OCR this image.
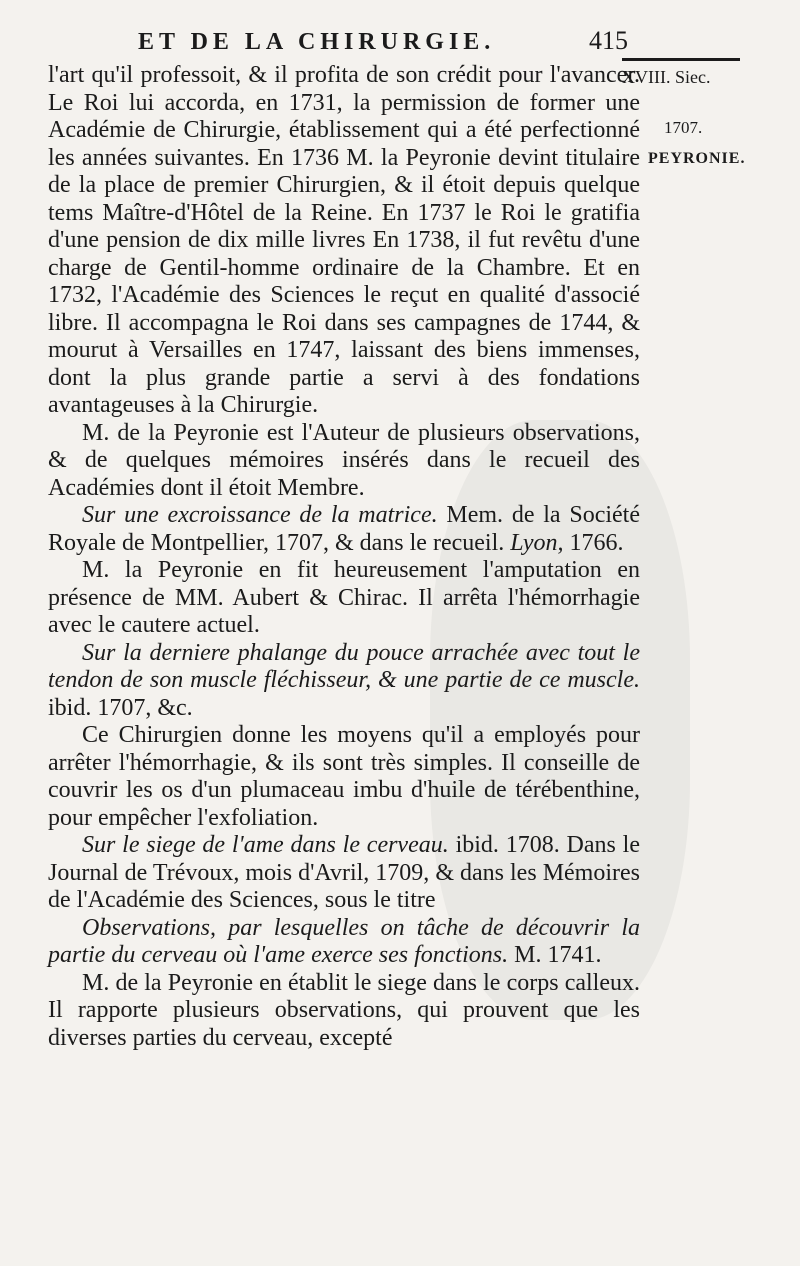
ET DE LA CHIRURGIE.	415
XVIII. Siec.
1707.
PEYRONIE.

l'art qu'il professoit, & il profita de son crédit pour l'avancer. Le Roi lui accorda, en 1731, la permission de former une Académie de Chirurgie, établissement qui a été perfectionné les années suivantes. En 1736 M. la Peyronie devint titulaire de la place de premier Chirurgien, & il étoit depuis quelque tems Maître-d'Hôtel de la Reine. En 1737 le Roi le gratifia d'une pension de dix mille livres En 1738, il fut revêtu d'une charge de Gentil-homme ordinaire de la Chambre. Et en 1732, l'Académie des Sciences le reçut en qualité d'associé libre. Il accompagna le Roi dans ses campagnes de 1744, & mourut à Versailles en 1747, laissant des biens immenses, dont la plus grande partie a servi à des fondations avantageuses à la Chirurgie.

M. de la Peyronie est l'Auteur de plusieurs observations, & de quelques mémoires insérés dans le recueil des Académies dont il étoit Membre.

Sur une excroissance de la matrice. Mem. de la Société Royale de Montpellier, 1707, & dans le recueil. Lyon, 1766.

M. la Peyronie en fit heureusement l'amputation en présence de MM. Aubert & Chirac. Il arrêta l'hémorrhagie avec le cautere actuel.

Sur la derniere phalange du pouce arrachée avec tout le tendon de son muscle fléchisseur, & une partie de ce muscle. ibid. 1707, &c.

Ce Chirurgien donne les moyens qu'il a employés pour arrêter l'hémorrhagie, & ils sont très simples. Il conseille de couvrir les os d'un plumaceau imbu d'huile de térébenthine, pour empêcher l'exfoliation.

Sur le siege de l'ame dans le cerveau. ibid. 1708. Dans le Journal de Trévoux, mois d'Avril, 1709, & dans les Mémoires de l'Académie des Sciences, sous le titre

Observations, par lesquelles on tâche de découvrir la partie du cerveau où l'ame exerce ses fonctions. M. 1741.

M. de la Peyronie en établit le siege dans le corps calleux. Il rapporte plusieurs observations, qui prouvent que les diverses parties du cerveau, excepté
